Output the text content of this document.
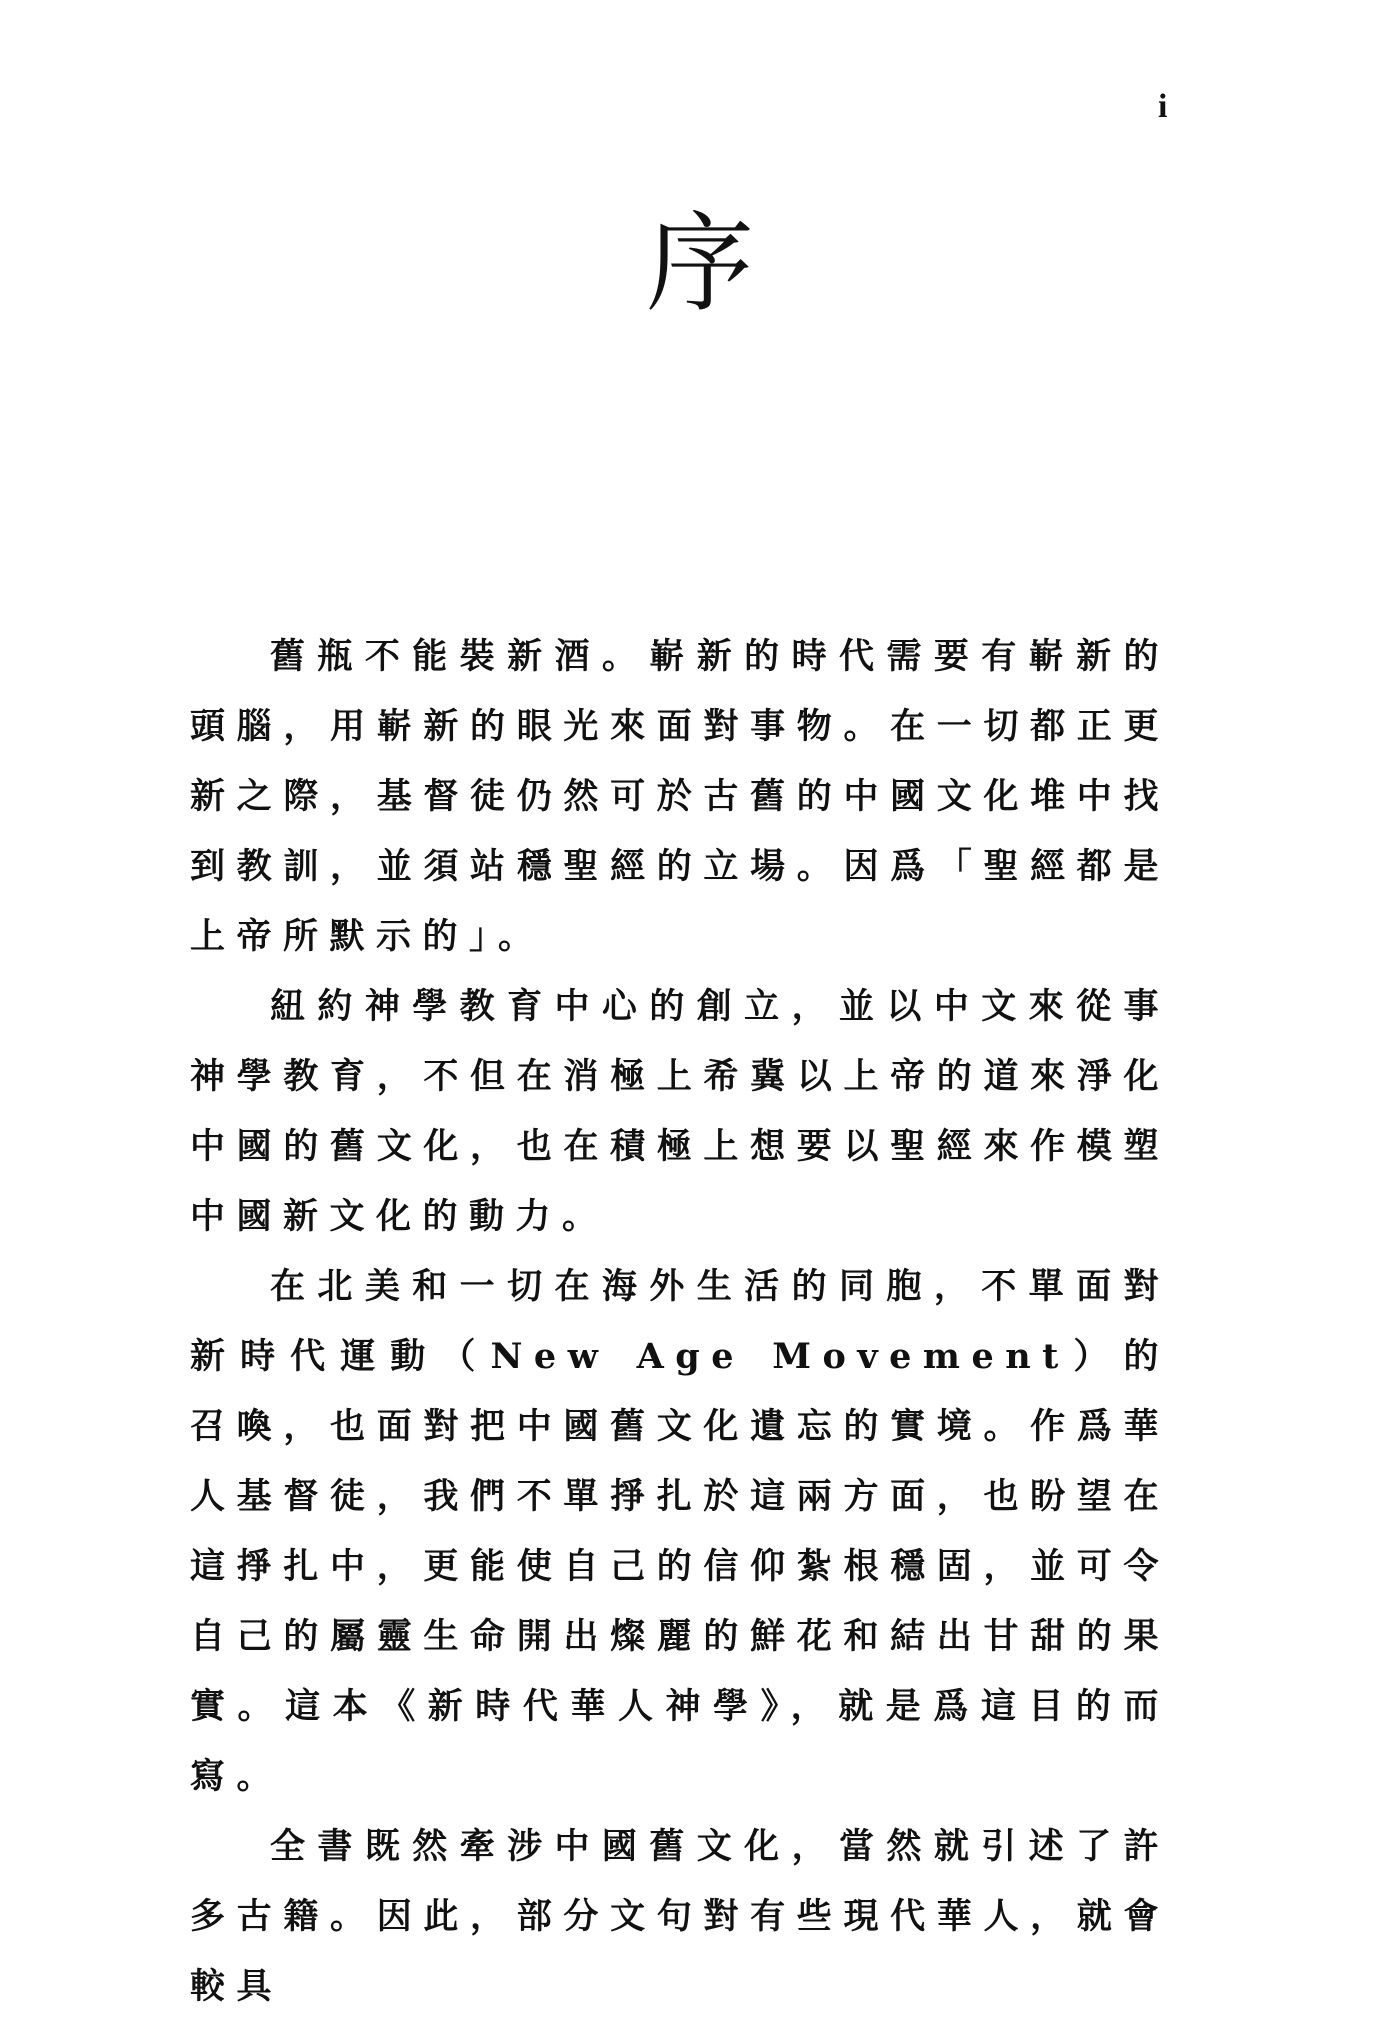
i
序

舊瓶不能裝新酒。嶄新的時代需要有嶄新的頭腦，用嶄新的眼光來面對事物。在一切都正更新之際，基督徒仍然可於古舊的中國文化堆中找到教訓，並須站穩聖經的立場。因爲「聖經都是上帝所默示的」。

紐約神學教育中心的創立，並以中文來從事神學教育，不但在消極上希冀以上帝的道來淨化中國的舊文化，也在積極上想要以聖經來作模塑中國新文化的動力。

在北美和一切在海外生活的同胞，不單面對新時代運動（New Age Movement）的召喚，也面對把中國舊文化遺忘的實境。作爲華人基督徒，我們不單掙扎於這兩方面，也盼望在這掙扎中，更能使自己的信仰紮根穩固，並可令自己的屬靈生命開出燦麗的鮮花和結出甘甜的果實。這本《新時代華人神學》，就是爲這目的而寫。

全書既然牽涉中國舊文化，當然就引述了許多古籍。因此，部分文句對有些現代華人，就會較具
